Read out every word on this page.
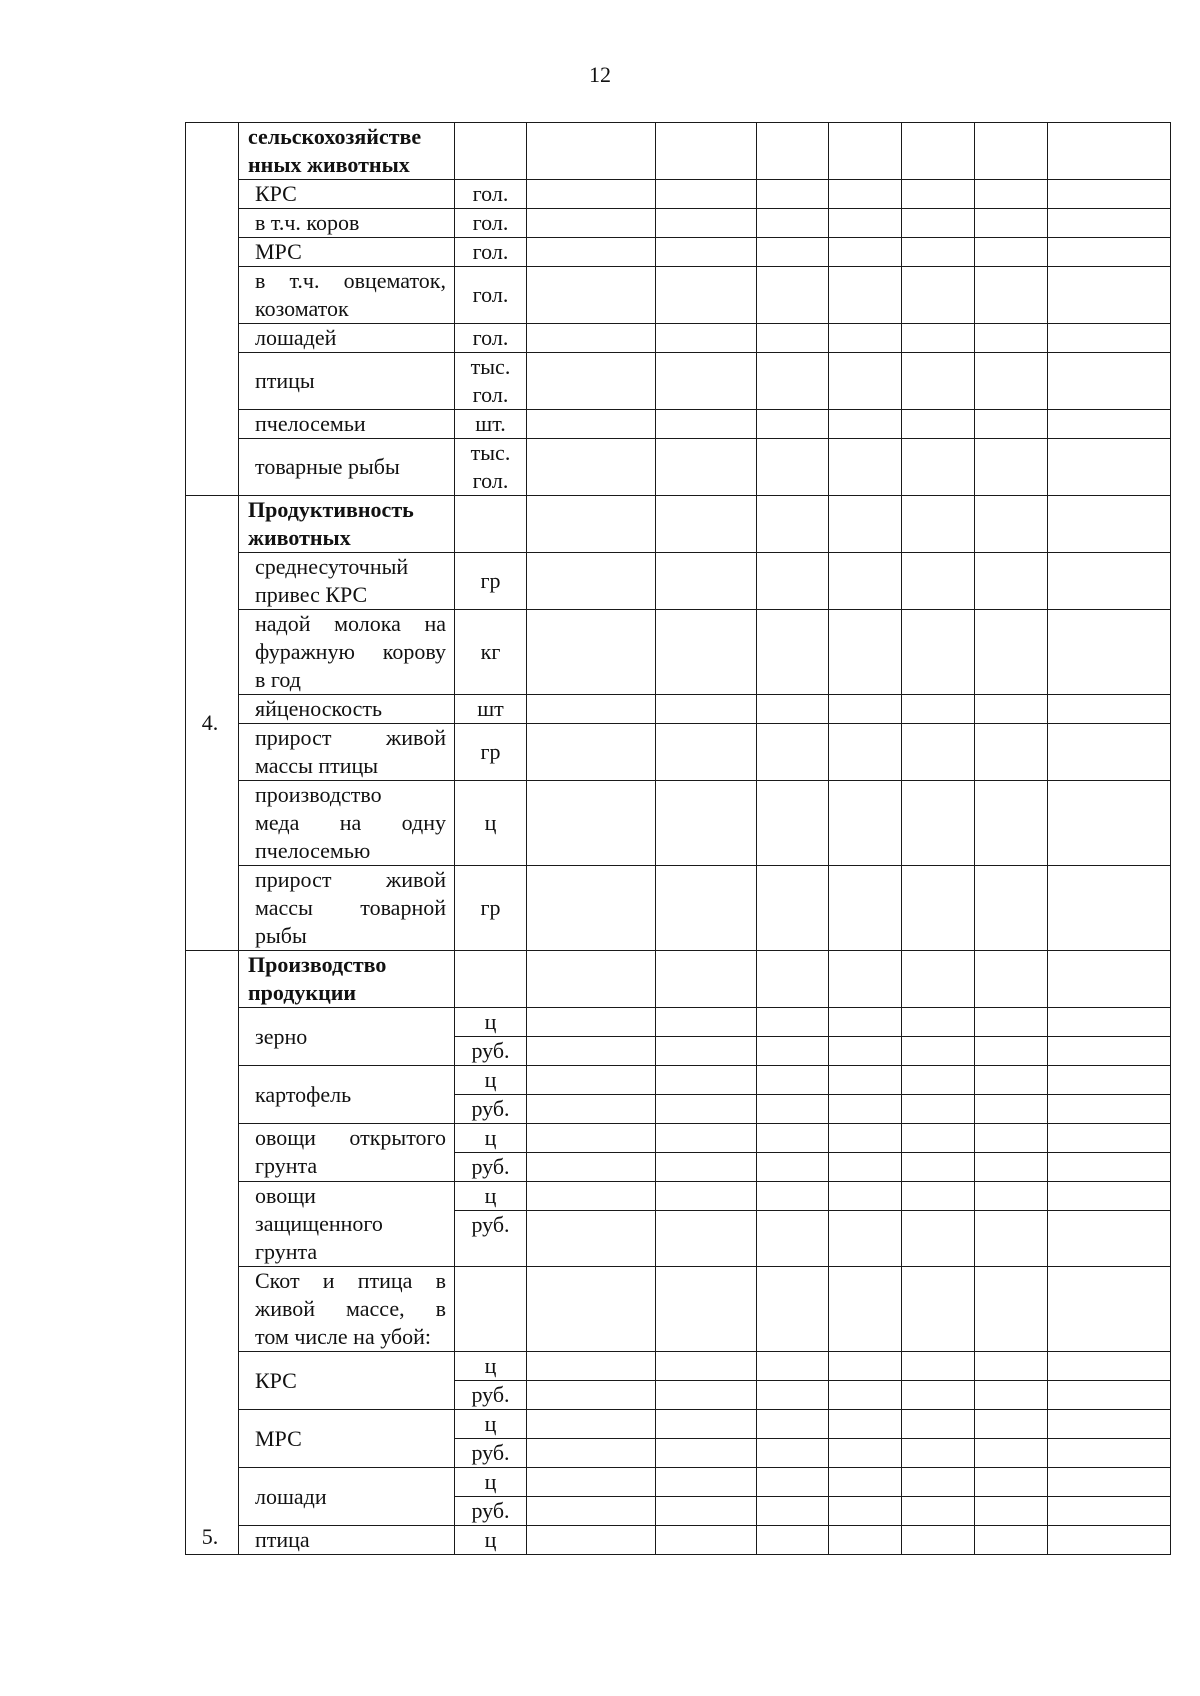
12

	сельскохозяйстве
нных животных								

	КРС	гол.							

	в т.ч. коров	гол.							

	МРС	гол.							

	в т.ч. овцематок,
козоматок	гол.							

	лошадей	гол.							

	птицы	тыс.
гол.							

	пчелосемьи	шт.							

	товарные рыбы	тыс.
гол.							

4.	Продуктивность
животных								

	среднесуточный
привес КРС	гр							

	надой молока на
фуражную корову
в год	кг							

	яйценоскость	шт							

	прирост живой
массы птицы	гр							

	производство
меда на одну
пчелосемью	ц							

	прирост живой
массы товарной
рыбы	гр							

5.	Производство
продукции								

	зерно	ц							

		руб.							

	картофель	ц							

		руб.							

	овощи открытого
грунта	ц							

		руб.							

	овощи
защищенного
грунта	ц							

		руб.							

	Скот и птица в
живой массе, в
том числе на убой:								

	КРС	ц							

		руб.							

	МРС	ц							

		руб.							

	лошади	ц							

		руб.							

	птица	ц							
